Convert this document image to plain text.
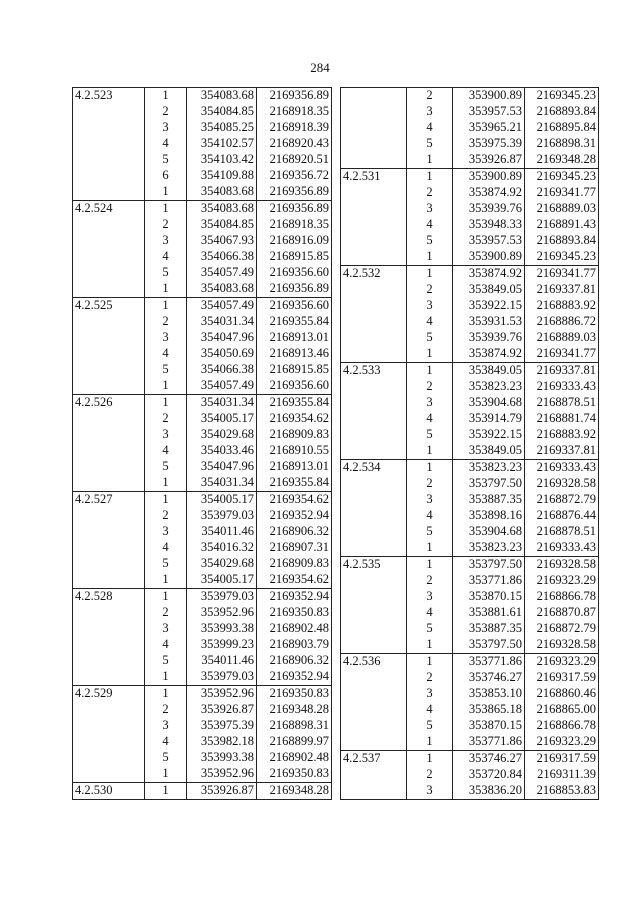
284
4.2.523	1	354083.68	2169356.89
	2	354084.85	2168918.35
	3	354085.25	2168918.39
	4	354102.57	2168920.43
	5	354103.42	2168920.51
	6	354109.88	2169356.72
	1	354083.68	2169356.89
4.2.524	1	354083.68	2169356.89
	2	354084.85	2168918.35
	3	354067.93	2168916.09
	4	354066.38	2168915.85
	5	354057.49	2169356.60
	1	354083.68	2169356.89
4.2.525	1	354057.49	2169356.60
	2	354031.34	2169355.84
	3	354047.96	2168913.01
	4	354050.69	2168913.46
	5	354066.38	2168915.85
	1	354057.49	2169356.60
4.2.526	1	354031.34	2169355.84
	2	354005.17	2169354.62
	3	354029.68	2168909.83
	4	354033.46	2168910.55
	5	354047.96	2168913.01
	1	354031.34	2169355.84
4.2.527	1	354005.17	2169354.62
	2	353979.03	2169352.94
	3	354011.46	2168906.32
	4	354016.32	2168907.31
	5	354029.68	2168909.83
	1	354005.17	2169354.62
4.2.528	1	353979.03	2169352.94
	2	353952.96	2169350.83
	3	353993.38	2168902.48
	4	353999.23	2168903.79
	5	354011.46	2168906.32
	1	353979.03	2169352.94
4.2.529	1	353952.96	2169350.83
	2	353926.87	2169348.28
	3	353975.39	2168898.31
	4	353982.18	2168899.97
	5	353993.38	2168902.48
	1	353952.96	2169350.83
4.2.530	1	353926.87	2169348.28
	2	353900.89	2169345.23
	3	353957.53	2168893.84
	4	353965.21	2168895.84
	5	353975.39	2168898.31
	1	353926.87	2169348.28
4.2.531	1	353900.89	2169345.23
	2	353874.92	2169341.77
	3	353939.76	2168889.03
	4	353948.33	2168891.43
	5	353957.53	2168893.84
	1	353900.89	2169345.23
4.2.532	1	353874.92	2169341.77
	2	353849.05	2169337.81
	3	353922.15	2168883.92
	4	353931.53	2168886.72
	5	353939.76	2168889.03
	1	353874.92	2169341.77
4.2.533	1	353849.05	2169337.81
	2	353823.23	2169333.43
	3	353904.68	2168878.51
	4	353914.79	2168881.74
	5	353922.15	2168883.92
	1	353849.05	2169337.81
4.2.534	1	353823.23	2169333.43
	2	353797.50	2169328.58
	3	353887.35	2168872.79
	4	353898.16	2168876.44
	5	353904.68	2168878.51
	1	353823.23	2169333.43
4.2.535	1	353797.50	2169328.58
	2	353771.86	2169323.29
	3	353870.15	2168866.78
	4	353881.61	2168870.87
	5	353887.35	2168872.79
	1	353797.50	2169328.58
4.2.536	1	353771.86	2169323.29
	2	353746.27	2169317.59
	3	353853.10	2168860.46
	4	353865.18	2168865.00
	5	353870.15	2168866.78
	1	353771.86	2169323.29
4.2.537	1	353746.27	2169317.59
	2	353720.84	2169311.39
	3	353836.20	2168853.83
